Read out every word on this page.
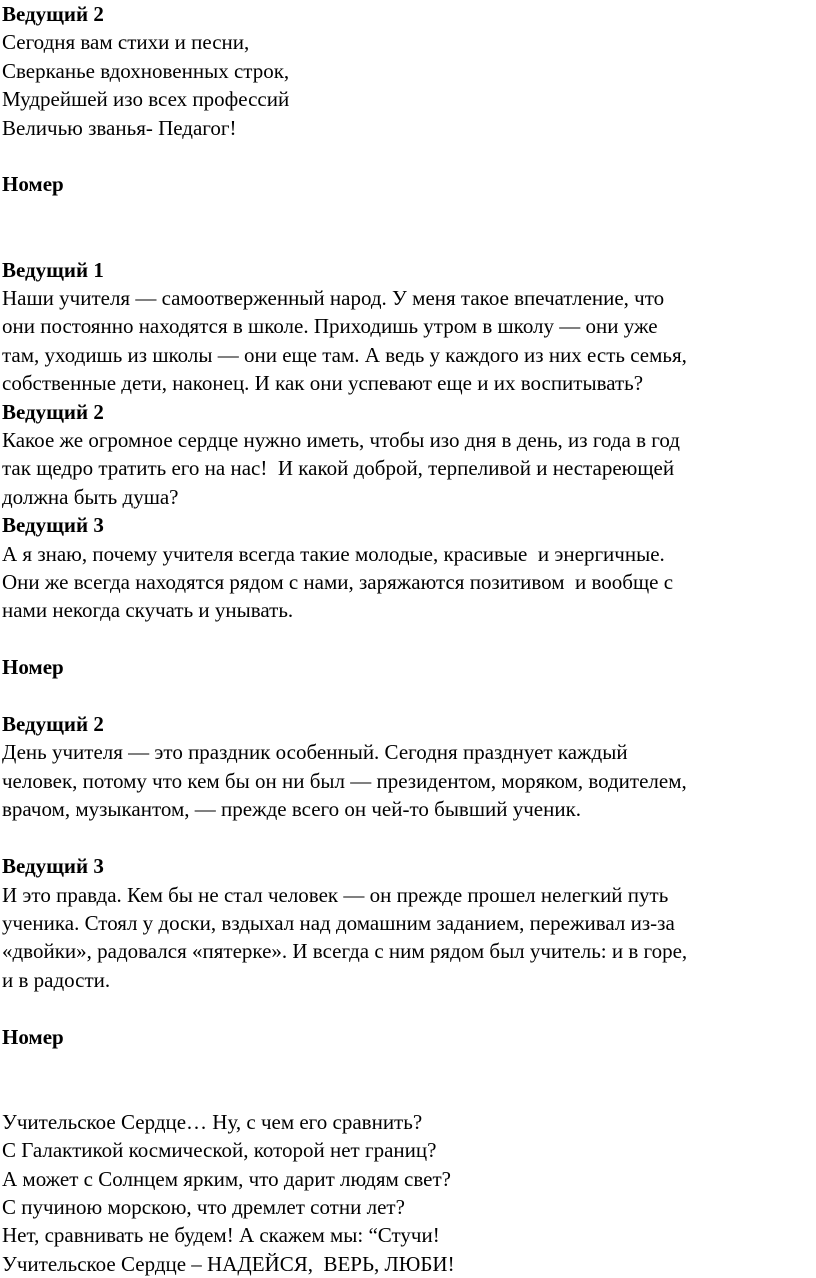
Ведущий 2
Сегодня вам стихи и песни,
Сверканье вдохновенных строк,
Мудрейшей изо всех профессий
Величью званья- Педагог!
Номер
Ведущий 1
Наши учителя — самоотверженный народ. У меня такое впечатление, что
они постоянно находятся в школе. Приходишь утром в школу — они уже
там, уходишь из школы — они еще там. А ведь у каждого из них есть семья,
собственные дети, наконец. И как они успевают еще и их воспитывать?
Ведущий 2
Какое же огромное сердце нужно иметь, чтобы изо дня в день, из года в год
так щедро тратить его на нас!  И какой доброй, терпеливой и нестареющей
должна быть душа?
Ведущий 3
А я знаю, почему учителя всегда такие молодые, красивые  и энергичные.
Они же всегда находятся рядом с нами, заряжаются позитивом  и вообще с
нами некогда скучать и унывать.
Номер
Ведущий 2
День учителя — это праздник особенный. Сегодня празднует каждый
человек, потому что кем бы он ни был — президентом, моряком, водителем,
врачом, музыкантом, — прежде всего он чей-то бывший ученик.
Ведущий 3
И это правда. Кем бы не стал человек — он прежде прошел нелегкий путь
ученика. Стоял у доски, вздыхал над домашним заданием, переживал из-за
«двойки», радовался «пятерке». И всегда с ним рядом был учитель: и в горе,
и в радости.
Номер
Учительское Сердце… Ну, с чем его сравнить?
С Галактикой космической, которой нет границ?
А может с Солнцем ярким, что дарит людям свет?
С пучиною морскою, что дремлет сотни лет?
Нет, сравнивать не будем! А скажем мы: “Стучи!
Учительское Сердце – НАДЕЙСЯ,  ВЕРЬ, ЛЮБИ!
